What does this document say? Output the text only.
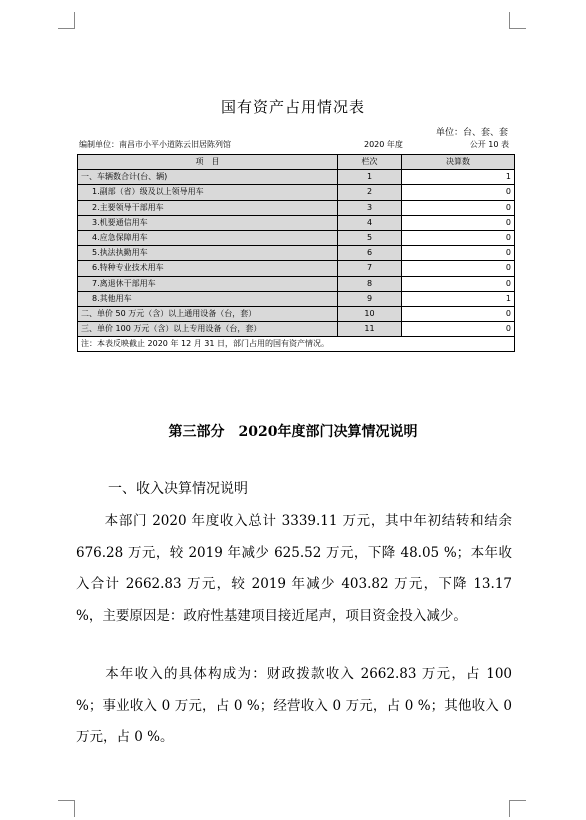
国有资产占用情况表
单位：台、套、套
编制单位：南昌市小平小道陈云旧居陈列馆	2020 年度	公开 10 表
项　目	栏次	决算数
一、车辆数合计(台、辆)	1	1
1.副部（省）级及以上领导用车	2	0
2.主要领导干部用车	3	0
3.机要通信用车	4	0
4.应急保障用车	5	0
5.执法执勤用车	6	0
6.特种专业技术用车	7	0
7.离退休干部用车	8	0
8.其他用车	9	1
二、单价 50 万元（含）以上通用设备（台，套）	10	0
三、单价 100 万元（含）以上专用设备（台，套）	11	0
注：本表反映截止 2020 年 12 月 31 日，部门占用的国有资产情况。		
第三部分　2020年度部门决算情况说明
一、收入决算情况说明
本部门 2020 年度收入总计 3339.11 万元，其中年初结转和结余 676.28 万元，较 2019 年减少 625.52 万元，下降 48.05 %；本年收入合计 2662.83 万元，较 2019 年减少 403.82 万元，下降 13.17 %，主要原因是：政府性基建项目接近尾声，项目资金投入减少。
本年收入的具体构成为：财政拨款收入 2662.83 万元，占 100 %；事业收入 0 万元，占 0 %；经营收入 0 万元，占 0 %；其他收入 0 万元，占 0 %。
